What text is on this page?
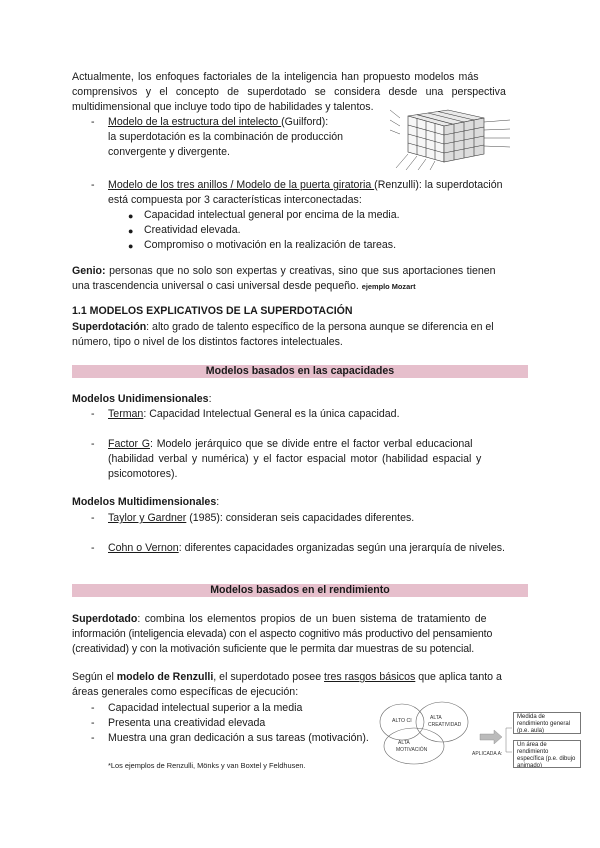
Actualmente, los enfoques factoriales de la inteligencia han propuesto modelos más
comprensivos y el concepto de superdotado se considera desde una perspectiva
multidimensional que incluye todo tipo de habilidades y talentos.
-	Modelo de la estructura del intelecto (Guilford):
la superdotación es la combinación de producción
convergente y divergente.
-	Modelo de los tres anillos / Modelo de la puerta giratoria (Renzulli): la superdotación
está compuesta por 3 características interconectadas:
● Capacidad intelectual general por encima de la media.
● Creatividad elevada.
● Compromiso o motivación en la realización de tareas.
Genio: personas que no solo son expertas y creativas, sino que sus aportaciones tienen
una trascendencia universal o casi universal desde pequeño. ejemplo Mozart
1.1 MODELOS EXPLICATIVOS DE LA SUPERDOTACIÓN
Superdotación: alto grado de talento específico de la persona aunque se diferencia en el
número, tipo o nivel de los distintos factores intelectuales.
Modelos basados en las capacidades
Modelos Unidimensionales:
-	Terman: Capacidad Intelectual General es la única capacidad.
-	Factor G: Modelo jerárquico que se divide entre el factor verbal educacional
(habilidad verbal y numérica) y el factor espacial motor (habilidad espacial y
psicomotores).
Modelos Multidimensionales:
-	Taylor y Gardner (1985): consideran seis capacidades diferentes.
-	Cohn o Vernon: diferentes capacidades organizadas según una jerarquía de niveles.
Modelos basados en el rendimiento
Superdotado: combina los elementos propios de un buen sistema de tratamiento de
información (inteligencia elevada) con el aspecto cognitivo más productivo del pensamiento
(creatividad) y con la motivación suficiente que le permita dar muestras de su potencial.
Según el modelo de Renzulli, el superdotado posee tres rasgos básicos que aplica tanto a
áreas generales como específicas de ejecución:
-	Capacidad intelectual superior a la media
-	Presenta una creatividad elevada
-	Muestra una gran dedicación a sus tareas (motivación).
*Los ejemplos de Renzulli, Mönks y van Boxtel y Feldhusen.
ALTO CI	ALTA
CREATIVIDAD
ALTA
MOTIVACIÓN
APLICADA A:
Medida de rendimiento general (p.e. aula)
Un área de rendimiento específica (p.e. dibujo animado)
